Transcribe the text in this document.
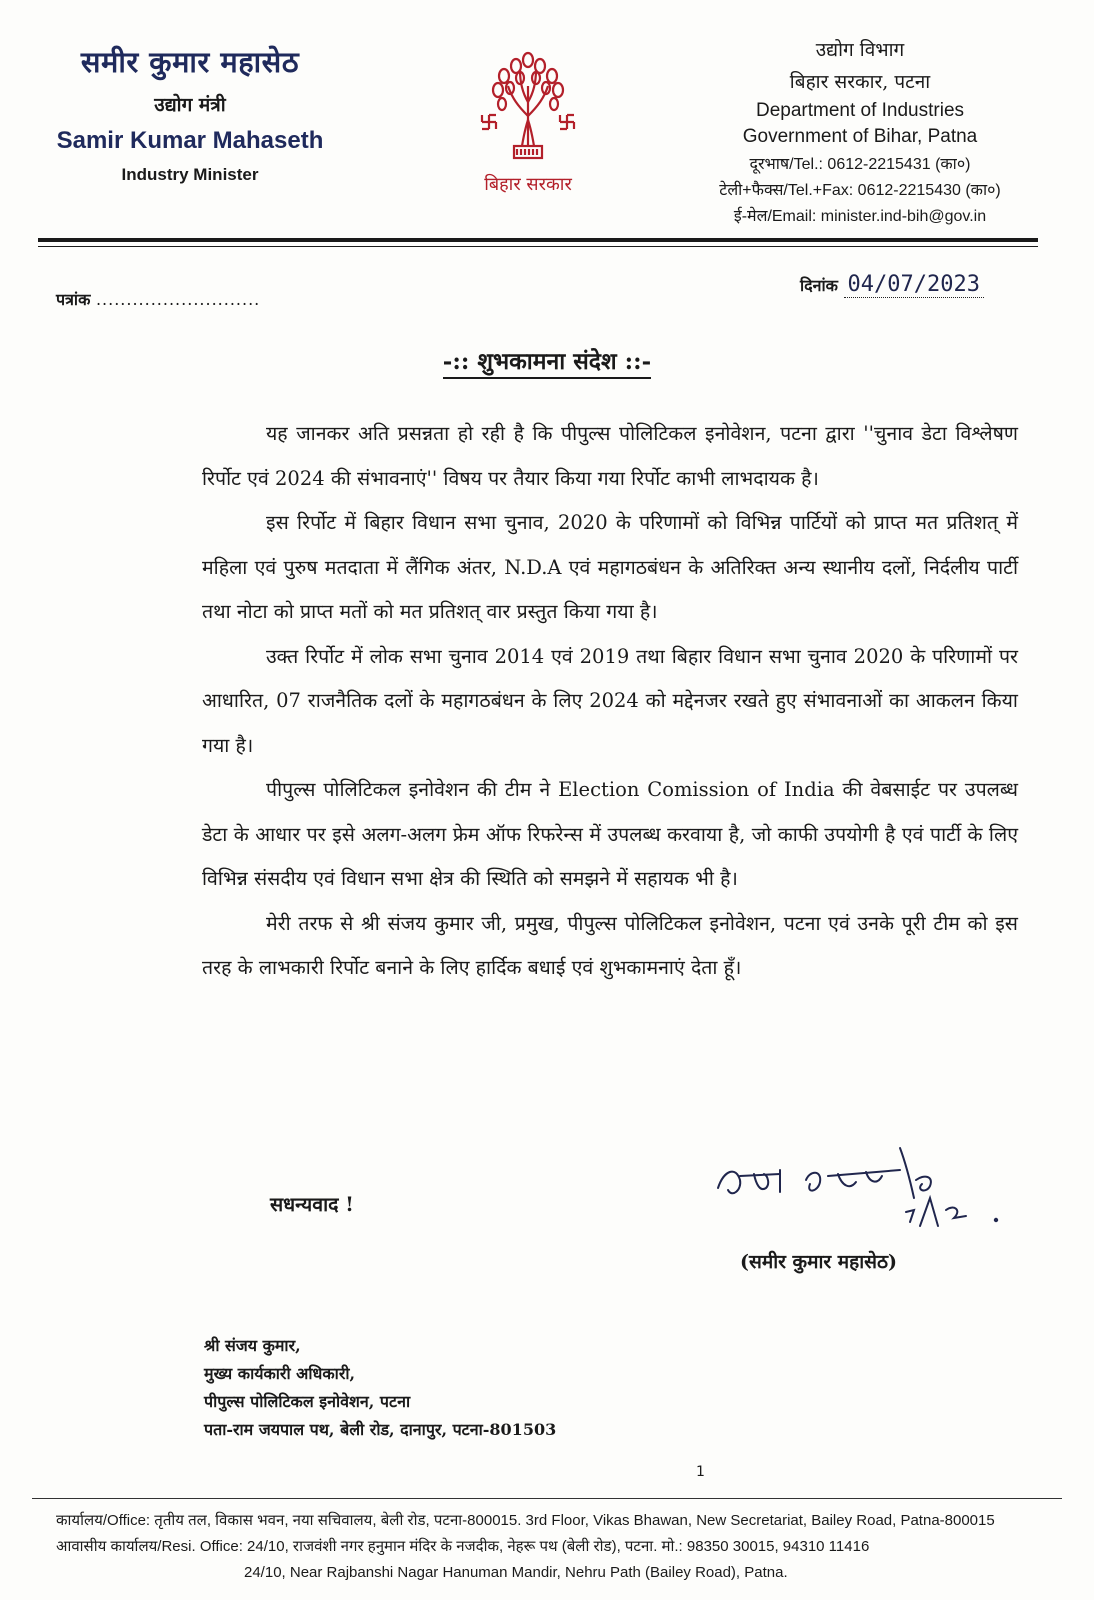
समीर कुमार महासेठ
उद्योग मंत्री
Samir Kumar Mahaseth
Industry Minister	बिहार सरकार
उद्योग विभाग
बिहार सरकार, पटना
Department of Industries
Government of Bihar, Patna
दूरभाष/Tel.: 0612-2215431 (का०)
टेली+फैक्स/Tel.+Fax: 0612-2215430 (का०)
ई-मेल/Email: minister.ind-bih@gov.in
पत्रांक ...........................
दिनांक 04/07/2023
-:: शुभकामना संदेश ::-

यह जानकर अति प्रसन्नता हो रही है कि पीपुल्स पोलिटिकल इनोवेशन, पटना द्वारा ''चुनाव डेटा विश्लेषण रिर्पोट एवं 2024 की संभावनाएं'' विषय पर तैयार किया गया रिर्पोट काभी लाभदायक है।

इस रिर्पोट में बिहार विधान सभा चुनाव, 2020 के परिणामों को विभिन्न पार्टियों को प्राप्त मत प्रतिशत् में महिला एवं पुरुष मतदाता में लैंगिक अंतर, N.D.A एवं महागठबंधन के अतिरिक्त अन्य स्थानीय दलों, निर्दलीय पार्टी तथा नोटा को प्राप्त मतों को मत प्रतिशत् वार प्रस्तुत किया गया है।

उक्त रिर्पोट में लोक सभा चुनाव 2014 एवं 2019 तथा बिहार विधान सभा चुनाव 2020 के परिणामों पर आधारित, 07 राजनैतिक दलों के महागठबंधन के लिए 2024 को मद्देनजर रखते हुए संभावनाओं का आकलन किया गया है।

पीपुल्स पोलिटिकल इनोवेशन की टीम ने Election Comission of India की वेबसाईट पर उपलब्ध डेटा के आधार पर इसे अलग-अलग फ्रेम ऑफ रिफरेन्स में उपलब्ध करवाया है, जो काफी उपयोगी है एवं पार्टी के लिए विभिन्न संसदीय एवं विधान सभा क्षेत्र की स्थिति को समझने में सहायक भी है।

मेरी तरफ से श्री संजय कुमार जी, प्रमुख, पीपुल्स पोलिटिकल इनोवेशन, पटना एवं उनके पूरी टीम को इस तरह के लाभकारी रिर्पोट बनाने के लिए हार्दिक बधाई एवं शुभकामनाएं देता हूँ।

सधन्यवाद !
(समीर कुमार महासेठ)
श्री संजय कुमार,
मुख्य कार्यकारी अधिकारी,
पीपुल्स पोलिटिकल इनोवेशन, पटना
पता-राम जयपाल पथ, बेली रोड, दानापुर, पटना-801503
1
कार्यालय/Office: तृतीय तल, विकास भवन, नया सचिवालय, बेली रोड, पटना-800015. 3rd Floor, Vikas Bhawan, New Secretariat, Bailey Road, Patna-800015
आवासीय कार्यालय/Resi. Office: 24/10, राजवंशी नगर हनुमान मंदिर के नजदीक, नेहरू पथ (बेली रोड), पटना. मो.: 98350 30015, 94310 11416
24/10, Near Rajbanshi Nagar Hanuman Mandir, Nehru Path (Bailey Road), Patna.
